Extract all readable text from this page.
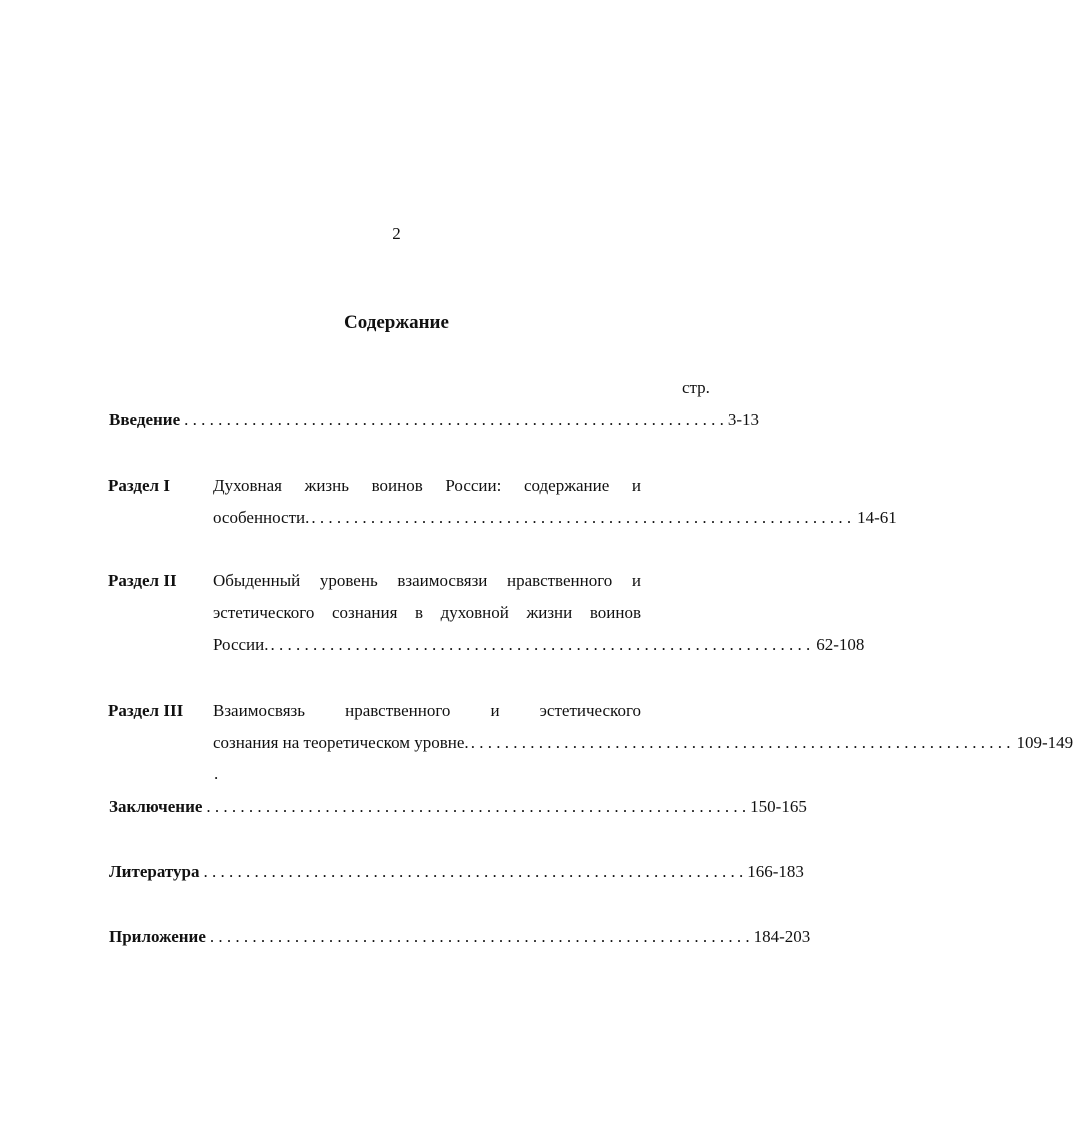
2
Содержание
стр.
Введение . . . . . . . . . . . . . . . . . . . . . . . . . . . . . . . . . . . . . . . . . . . . . . . . . . . . . . . . . . . . . . . . 3-13
Раздел I	Духовная жизнь воинов России: содержание и
особенности. . . . . . . . . . . . . . . . . . . . . . . . . . . . . . . . . . . . . . . . . . . . . . . . . . . . . . . . . . . . . . . . . 14-61
Раздел II Обыденный уровень взаимосвязи нравственного и
эстетического сознания в духовной жизни воинов
России. . . . . . . . . . . . . . . . . . . . . . . . . . . . . . . . . . . . . . . . . . . . . . . . . . . . . . . . . . . . . . . . . 62-108
Раздел III Взаимосвязь нравственного и эстетического
сознания на теоретическом уровне. . . . . . . . . . . . . . . . . . . . . . . . . . . . . . . . . . . . . . . . . . . . . . . . . . . . . . . . . . . . . . . . . 109-149
.
Заключение . . . . . . . . . . . . . . . . . . . . . . . . . . . . . . . . . . . . . . . . . . . . . . . . . . . . . . . . . . . . . . . . 150-165
Литература . . . . . . . . . . . . . . . . . . . . . . . . . . . . . . . . . . . . . . . . . . . . . . . . . . . . . . . . . . . . . . . . 166-183
Приложение . . . . . . . . . . . . . . . . . . . . . . . . . . . . . . . . . . . . . . . . . . . . . . . . . . . . . . . . . . . . . . . . 184-203
